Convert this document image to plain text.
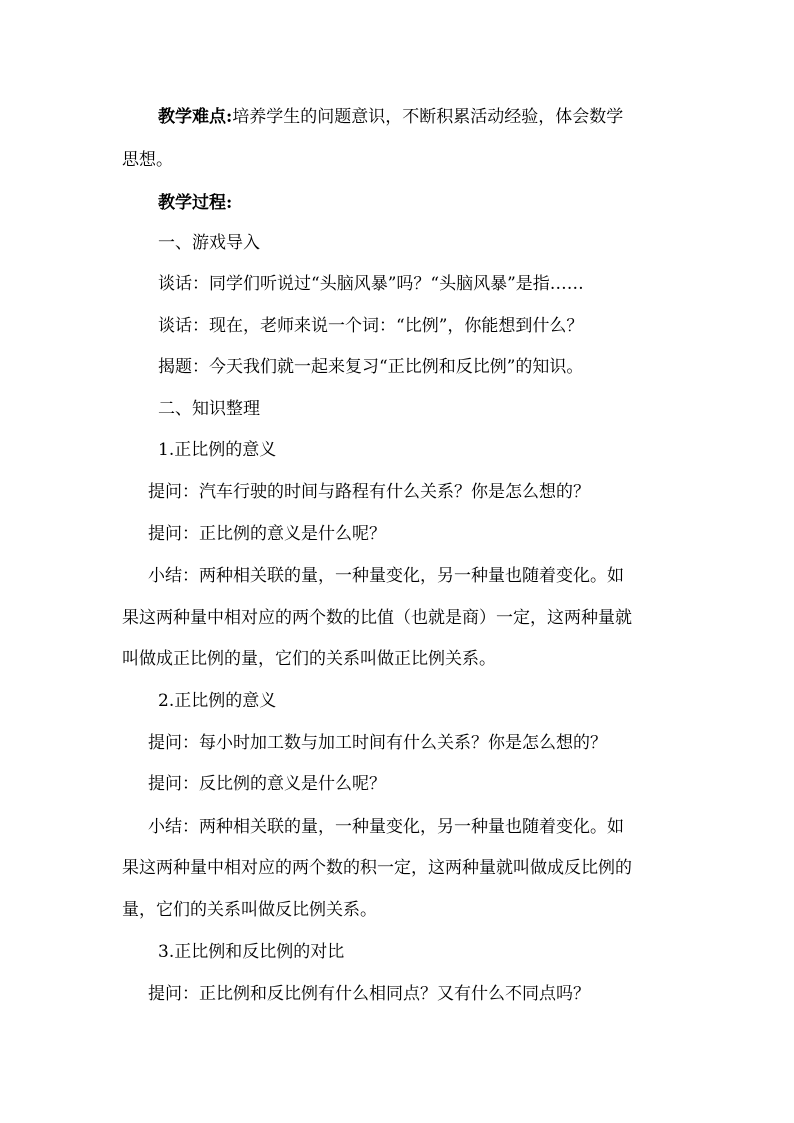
教学难点:培养学生的问题意识，不断积累活动经验，体会数学
思想。
教学过程:
一、游戏导入
谈话：同学们听说过“头脑风暴”吗？“头脑风暴”是指……
谈话：现在，老师来说一个词：“比例”，你能想到什么？
揭题：今天我们就一起来复习“正比例和反比例”的知识。
二、知识整理
1.正比例的意义
提问：汽车行驶的时间与路程有什么关系？你是怎么想的？
提问：正比例的意义是什么呢？
小结：两种相关联的量，一种量变化，另一种量也随着变化。如
果这两种量中相对应的两个数的比值（也就是商）一定，这两种量就
叫做成正比例的量，它们的关系叫做正比例关系。
2.正比例的意义
提问：每小时加工数与加工时间有什么关系？你是怎么想的？
提问：反比例的意义是什么呢？
小结：两种相关联的量，一种量变化，另一种量也随着变化。如
果这两种量中相对应的两个数的积一定，这两种量就叫做成反比例的
量，它们的关系叫做反比例关系。
3.正比例和反比例的对比
提问：正比例和反比例有什么相同点？又有什么不同点吗？
